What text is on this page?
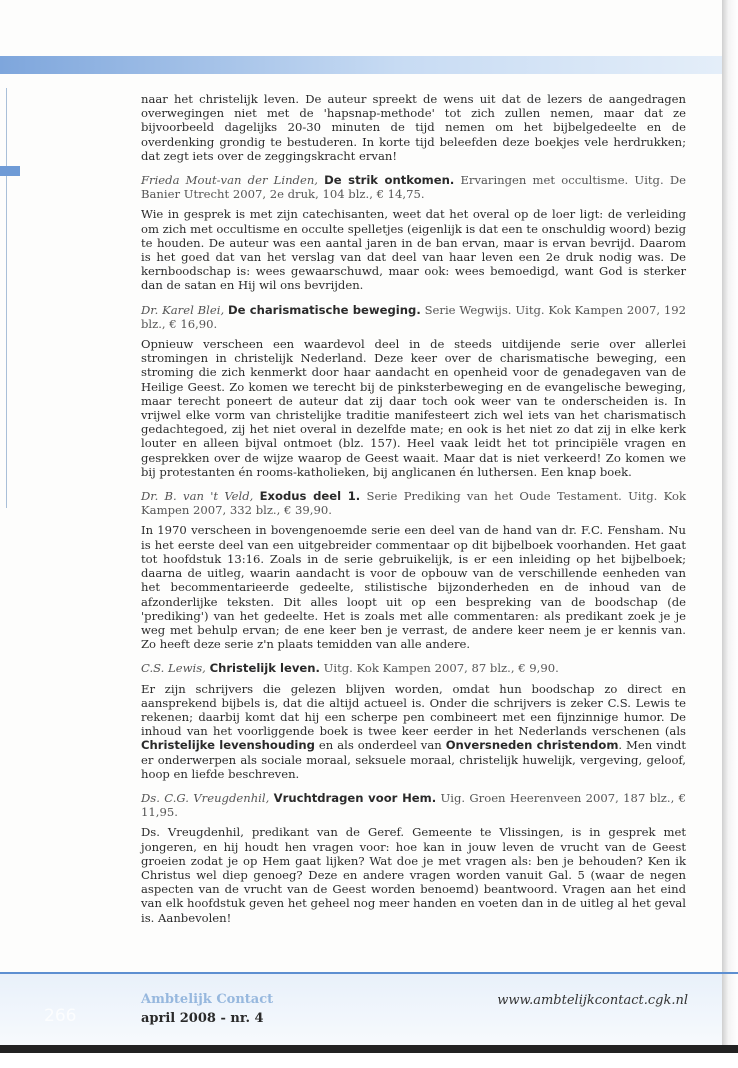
naar het christelijk leven. De auteur spreekt de wens uit dat de lezers de aangedragen overwegingen niet met de 'hapsnap-methode' tot zich zullen nemen, maar dat ze bijvoorbeeld dagelijks 20-30 minuten de tijd nemen om het bijbelgedeelte en de overdenking grondig te bestuderen. In korte tijd beleefden deze boekjes vele herdrukken; dat zegt iets over de zeggingskracht ervan!

Frieda Mout-van der Linden, De strik ontkomen. Ervaringen met occultisme. Uitg. De Banier Utrecht 2007, 2e druk, 104 blz., € 14,75.

Wie in gesprek is met zijn catechisanten, weet dat het overal op de loer ligt: de verleiding om zich met occultisme en occulte spelletjes (eigenlijk is dat een te onschuldig woord) bezig te houden. De auteur was een aantal jaren in de ban ervan, maar is ervan bevrijd. Daarom is het goed dat van het verslag van dat deel van haar leven een 2e druk nodig was. De kernboodschap is: wees gewaarschuwd, maar ook: wees bemoedigd, want God is sterker dan de satan en Hij wil ons bevrijden.

Dr. Karel Blei, De charismatische beweging. Serie Wegwijs. Uitg. Kok Kampen 2007, 192 blz., € 16,90.

Opnieuw verscheen een waardevol deel in de steeds uitdijende serie over allerlei stromingen in christelijk Nederland. Deze keer over de charismatische beweging, een stroming die zich kenmerkt door haar aandacht en openheid voor de genadegaven van de Heilige Geest. Zo komen we terecht bij de pinksterbeweging en de evangelische beweging, maar terecht poneert de auteur dat zij daar toch ook weer van te onderscheiden is. In vrijwel elke vorm van christelijke traditie manifesteert zich wel iets van het charismatisch gedachtegoed, zij het niet overal in dezelfde mate; en ook is het niet zo dat zij in elke kerk louter en alleen bijval ontmoet (blz. 157). Heel vaak leidt het tot principiële vragen en gesprekken over de wijze waarop de Geest waait. Maar dat is niet verkeerd! Zo komen we bij protestanten én rooms-katholieken, bij anglicanen én luthersen. Een knap boek.

Dr. B. van 't Veld, Exodus deel 1. Serie Prediking van het Oude Testament. Uitg. Kok Kampen 2007, 332 blz., € 39,90.

In 1970 verscheen in bovengenoemde serie een deel van de hand van dr. F.C. Fensham. Nu is het eerste deel van een uitgebreider commentaar op dit bijbelboek voorhanden. Het gaat tot hoofdstuk 13:16. Zoals in de serie gebruikelijk, is er een inleiding op het bijbelboek; daarna de uitleg, waarin aandacht is voor de opbouw van de verschillende eenheden van het becommentarieerde gedeelte, stilistische bijzonderheden en de inhoud van de afzonderlijke teksten. Dit alles loopt uit op een bespreking van de boodschap (de 'prediking') van het gedeelte. Het is zoals met alle commentaren: als predikant zoek je je weg met behulp ervan; de ene keer ben je verrast, de andere keer neem je er kennis van. Zo heeft deze serie z'n plaats temidden van alle andere.

C.S. Lewis, Christelijk leven. Uitg. Kok Kampen 2007, 87 blz., € 9,90.

Er zijn schrijvers die gelezen blijven worden, omdat hun boodschap zo direct en aansprekend bijbels is, dat die altijd actueel is. Onder die schrijvers is zeker C.S. Lewis te rekenen; daarbij komt dat hij een scherpe pen combineert met een fijnzinnige humor. De inhoud van het voorliggende boek is twee keer eerder in het Nederlands verschenen (als Christelijke levenshouding en als onderdeel van Onversneden christendom. Men vindt er onderwerpen als sociale moraal, seksuele moraal, christelijk huwelijk, vergeving, geloof, hoop en liefde beschreven.

Ds. C.G. Vreugdenhil, Vruchtdragen voor Hem. Uig. Groen Heerenveen 2007, 187 blz., € 11,95.

Ds. Vreugdenhil, predikant van de Geref. Gemeente te Vlissingen, is in gesprek met jongeren, en hij houdt hen vragen voor: hoe kan in jouw leven de vrucht van de Geest groeien zodat je op Hem gaat lijken? Wat doe je met vragen als: ben je behouden? Ken ik Christus wel diep genoeg? Deze en andere vragen worden vanuit Gal. 5 (waar de negen aspecten van de vrucht van de Geest worden benoemd) beantwoord. Vragen aan het eind van elk hoofdstuk geven het geheel nog meer handen en voeten dan in de uitleg al het geval is. Aanbevolen!

266
Ambtelijk Contact
april 2008 - nr. 4
www.ambtelijkcontact.cgk.nl
